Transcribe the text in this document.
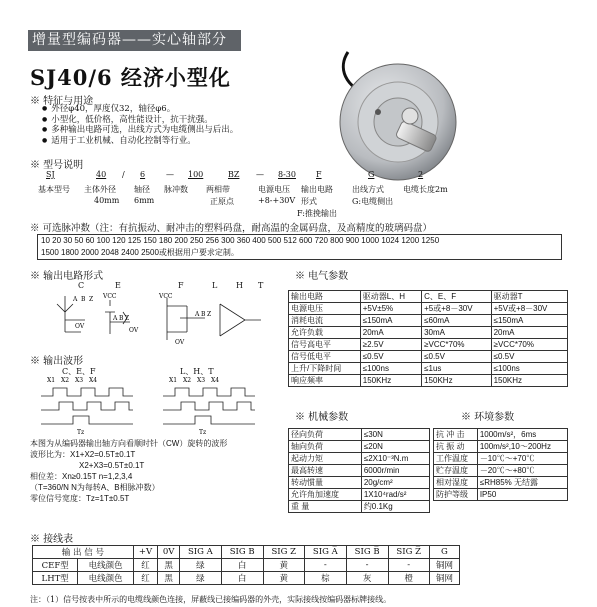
增量型编码器——实心轴部分
SJ40/6 经济小型化
※ 特征与用途
● 外径φ40，厚度仅32，轴径φ6。
● 小型化，低价格，高性能设计，抗干扰强。
● 多种输出电路可选，出线方式为电缆侧出与后出。
● 适用于工业机械、自动化控制等行业。
※ 型号说明
SJ	40 / 6	— 100	BZ — 8-30	F	G	2
基本型号 主体外径 轴径 脉冲数 两相带	电源电压 输出电路 出线方式 电缆长度2m
40mm 6mm	正原点	+8-+30V 形式	G:电缆侧出
F:推挽输出
※ 可选脉冲数（注：有抗振动、耐冲击的塑料码盘，耐高温的金属码盘，及高精度的玻璃码盘）
10 20 30 50 60 100 120 125 150 180 200 250 256 300 360 400 500 512 600 720 800 900 1000 1024 1200 1250
1500 1800 2000 2048 2400 2500或根据用户要求定制。
※ 输出电路形式
C	E	F	L H T
A B Z
OV
VCC
A B Z
OV
VCC
A B Z
OV
※ 输出波形
C、E、F	L、H、T
X1 X2 X3 X4	X1 X2 X3 X4
Tz	Tz
本图为从编码器输出轴方向看顺时针（CW）旋转的波形
波形比为：X1+X2=0.5T±0.1T
X2+X3=0.5T±0.1T
相位差：Xn≥0.15T n=1,2,3,4
（T=360/N N为每转A、B相脉冲数）
零位信号宽度：Tz=1T±0.5T
※ 电气参数
输出电路	驱动器L、H	C、E、F	驱动器T
电源电压	+5V±5%	+5或+8－30V	+5V或+8－30V
消耗电流	≤150mA	≤60mA	≤150mA
允许负载	20mA	30mA	20mA
信号高电平	≥2.5V	≥VCC*70%	≥VCC*70%
信号低电平	≤0.5V	≤0.5V	≤0.5V
上升/下降时间	≤100ns	≤1us	≤100ns
响应频率	150KHz	150KHz	150KHz
※ 机械参数
径向负荷	≤30N
轴向负荷	≤20N
起动力矩	≤2X10⁻³N.m
最高转速	6000r/min
转动惯量	20g/cm²
允许角加速度	1X10⁴rad/s²
重 量	约0.1Kg
※ 环境参数
抗 冲 击	1000m/s²，6ms
抗 振 动	100m/s²,10～200Hz
工作温度	－10℃～+70℃
贮存温度	－20℃～+80℃
相对湿度	≤RH85% 无结露
防护等级	IP50
※ 接线表
输 出 信 号		+V	0V	SIG A	SIG B	SIG Z	SIG A̅	SIG B̅	SIG Z̅	G
CEF型	电线颜色	红	黑	绿	白	黄	-	-	-	铜网
LHT型	电线颜色	红	黑	绿	白	黄	棕	灰	橙	铜网
注：（1）信号按表中所示的电缆线颜色连接，屏蔽线已接编码器的外壳，实际接线按编码器标牌接线。
